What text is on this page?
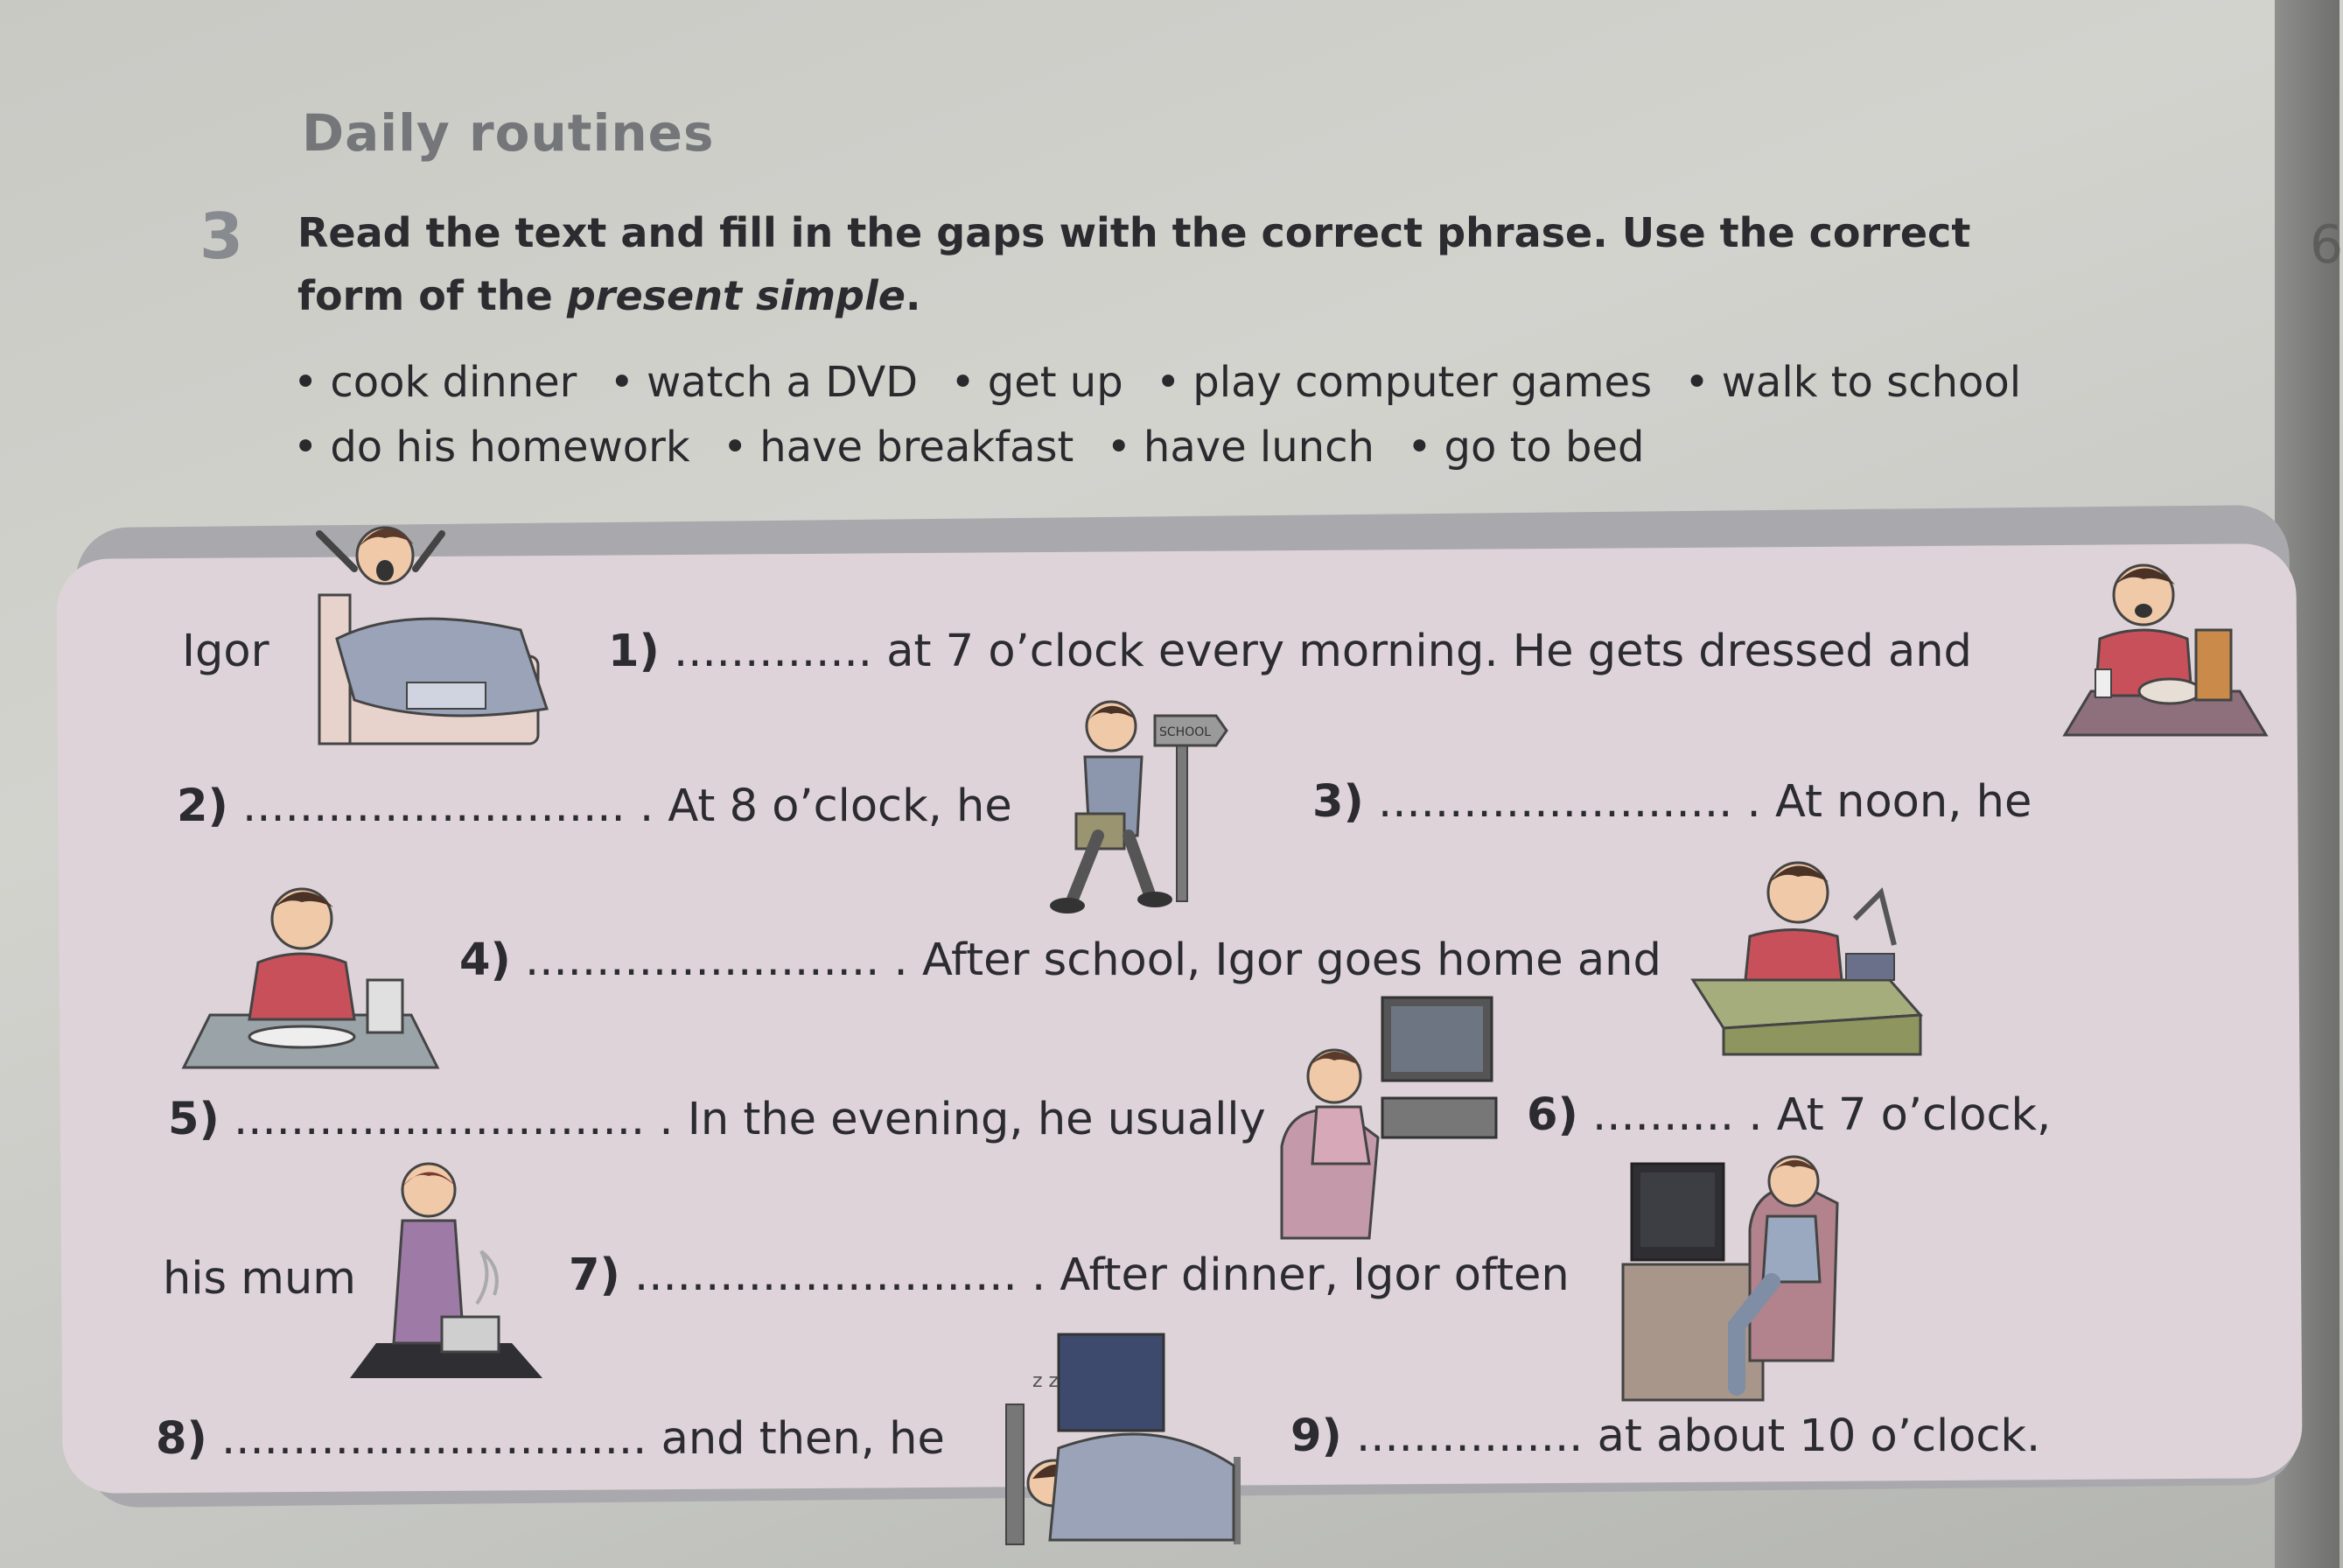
6
Daily routines
3 Read the text and fill in the gaps with the correct phrase. Use the correct form of the present simple.
• cook dinner • watch a DVD • get up • play computer games • walk to school
• do his homework • have breakfast • have lunch • go to bed
SCHOOL
z z
Igor	1) .............. at 7 o’clock every morning. He gets dressed and
2) ........................... . At 8 o’clock, he	3) ......................... . At noon, he
4) ......................... . After school, Igor goes home and
5) ............................. . In the evening, he usually	6) .......... . At 7 o’clock,
his mum	7) ........................... . After dinner, Igor often
8) .............................. and then, he	9) ................ at about 10 o’clock.
